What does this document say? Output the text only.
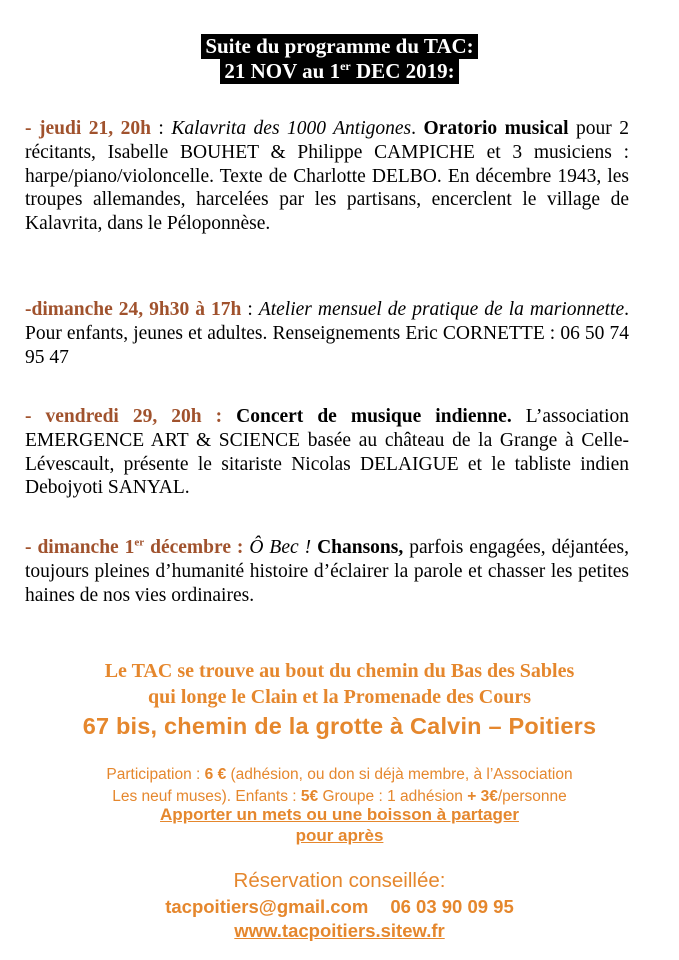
Suite du programme du TAC:
21 NOV au 1er DEC 2019:

- jeudi 21, 20h : Kalavrita des 1000 Antigones. Oratorio musical pour 2 récitants, Isabelle BOUHET & Philippe CAMPICHE et 3 musiciens : harpe/piano/violoncelle. Texte de Charlotte DELBO. En décembre 1943, les troupes allemandes, harcelées par les partisans, encerclent le village de Kalavrita, dans le Péloponnèse.

-dimanche 24, 9h30 à 17h : Atelier mensuel de pratique de la marionnette. Pour enfants, jeunes et adultes. Renseignements Eric CORNETTE : 06 50 74 95 47

- vendredi 29, 20h : Concert de musique indienne. L’association EMERGENCE ART & SCIENCE basée au château de la Grange à Celle-Lévescault, présente le sitariste Nicolas DELAIGUE et le tabliste indien Debojyoti SANYAL.

- dimanche 1er décembre : Ô Bec ! Chansons, parfois engagées, déjantées, toujours pleines d’humanité histoire d’éclairer la parole et chasser les petites haines de nos vies ordinaires.

Le TAC se trouve au bout du chemin du Bas des Sables
qui longe le Clain et la Promenade des Cours
67 bis, chemin de la grotte à Calvin – Poitiers
Participation : 6 € (adhésion, ou don si déjà membre, à l’Association
Les neuf muses). Enfants : 5€ Groupe : 1 adhésion + 3€/personne
Apporter un mets ou une boisson à partager
pour après
Réservation conseillée:
tacpoitiers@gmail.com 06 03 90 09 95
www.tacpoitiers.sitew.fr
